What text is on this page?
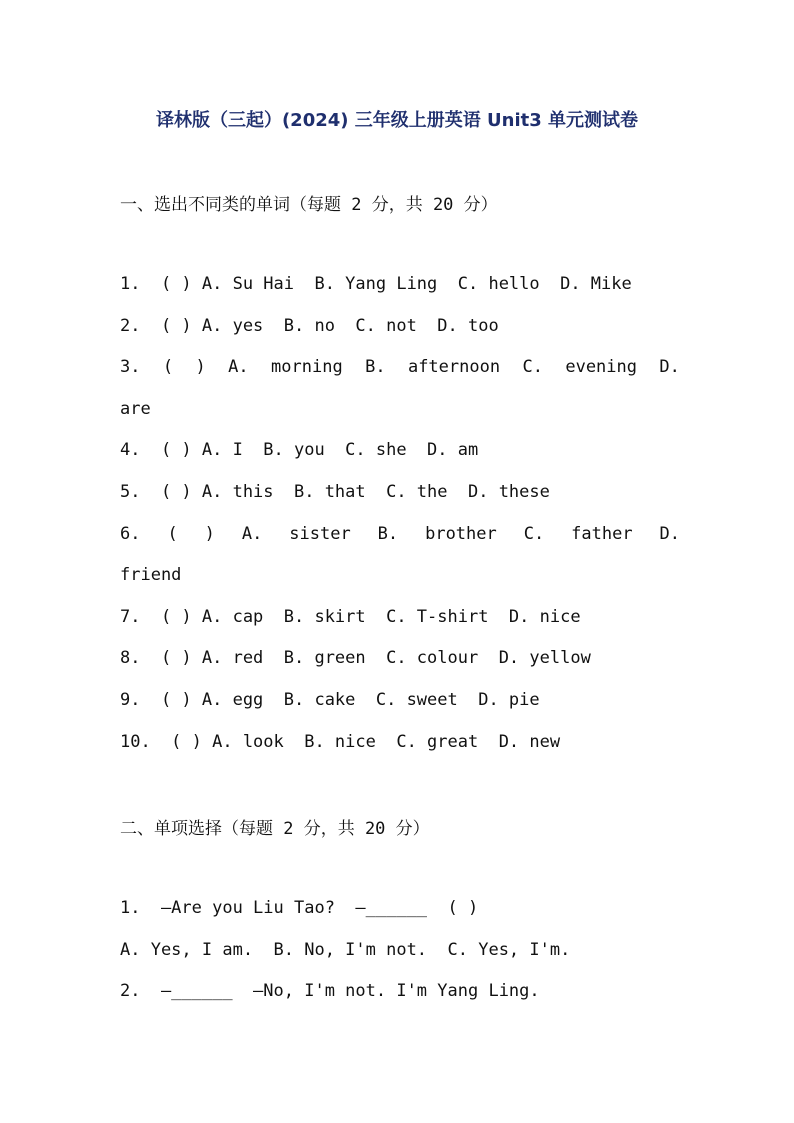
译林版（三起）(2024) 三年级上册英语 Unit3 单元测试卷
一、选出不同类的单词（每题 2 分，共 20 分）
1.  ( ) A. Su Hai  B. Yang Ling  C. hello  D. Mike
2.  ( ) A. yes  B. no  C. not  D. too
3. ( ) A. morning B. afternoon C. evening D.
are
4.  ( ) A. I  B. you  C. she  D. am
5.  ( ) A. this  B. that  C. the  D. these
6. ( ) A. sister B. brother C. father D.
friend
7.  ( ) A. cap  B. skirt  C. T-shirt  D. nice
8.  ( ) A. red  B. green  C. colour  D. yellow
9.  ( ) A. egg  B. cake  C. sweet  D. pie
10.  ( ) A. look  B. nice  C. great  D. new
二、单项选择（每题 2 分，共 20 分）
1.  —Are you Liu Tao?  —______  ( )
A. Yes, I am.  B. No, I'm not.  C. Yes, I'm.
2.  —______  —No, I'm not. I'm Yang Ling.
